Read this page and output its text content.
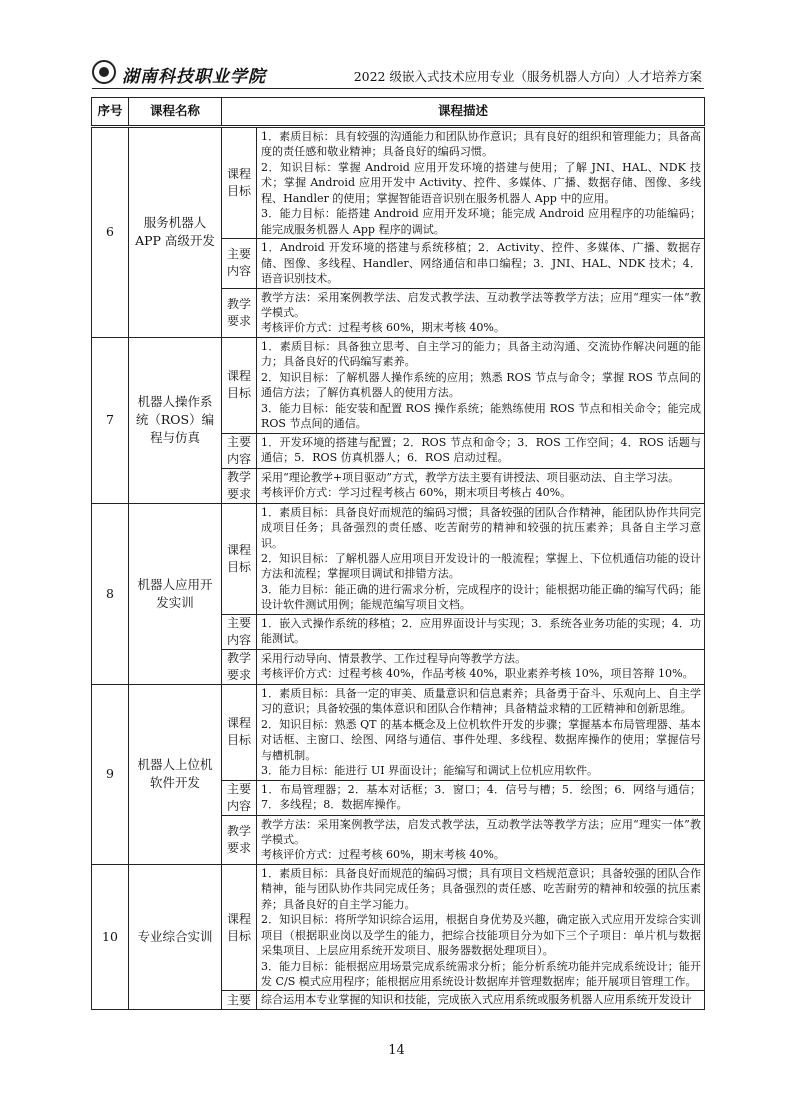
湖南科技职业学院	2022 级嵌入式技术应用专业（服务机器人方向）人才培养方案
序号	课程名称	课程描述	
6	服务机器人 APP 高级开发	课程目标	1．素质目标：具有较强的沟通能力和团队协作意识；具有良好的组织和管理能力；具备高度的责任感和敬业精神；具备良好的编码习惯。
2．知识目标：掌握 Android 应用开发环境的搭建与使用；了解 JNI、HAL、NDK 技术；掌握 Android 应用开发中 Activity、控件、多媒体、广播、数据存储、图像、多线程、Handler 的使用；掌握智能语音识别在服务机器人 App 中的应用。
3．能力目标：能搭建 Android 应用开发环境；能完成 Android 应用程序的功能编码；能完成服务机器人 App 程序的调试。
		主要内容	1．Android 开发环境的搭建与系统移植；2．Activity、控件、多媒体、广播、数据存储、图像、多线程、Handler、网络通信和串口编程；3．JNI、HAL、NDK 技术；4．语音识别技术。
		教学要求	教学方法：采用案例教学法、启发式教学法、互动教学法等教学方法；应用“理实一体”教学模式。
考核评价方式：过程考核 60%，期末考核 40%。
7	机器人操作系统（ROS）编程与仿真	课程目标	1．素质目标：具备独立思考、自主学习的能力；具备主动沟通、交流协作解决问题的能力；具备良好的代码编写素养。
2．知识目标：了解机器人操作系统的应用；熟悉 ROS 节点与命令；掌握 ROS 节点间的通信方法；了解仿真机器人的使用方法。
3．能力目标：能安装和配置 ROS 操作系统；能熟练使用 ROS 节点和相关命令；能完成 ROS 节点间的通信。
		主要内容	1．开发环境的搭建与配置；2．ROS 节点和命令；3．ROS 工作空间；4．ROS 话题与通信；5．ROS 仿真机器人；6．ROS 启动过程。
		教学要求	采用“理论教学+项目驱动”方式，教学方法主要有讲授法、项目驱动法、自主学习法。
考核评价方式：学习过程考核占 60%，期末项目考核占 40%。
8	机器人应用开发实训	课程目标	1．素质目标：具备良好而规范的编码习惯；具备较强的团队合作精神，能团队协作共同完成项目任务；具备强烈的责任感、吃苦耐劳的精神和较强的抗压素养；具备自主学习意识。
2．知识目标：了解机器人应用项目开发设计的一般流程；掌握上、下位机通信功能的设计方法和流程；掌握项目调试和排错方法。
3．能力目标：能正确的进行需求分析，完成程序的设计；能根据功能正确的编写代码；能设计软件测试用例；能规范编写项目文档。
		主要内容	1．嵌入式操作系统的移植；2．应用界面设计与实现；3．系统各业务功能的实现；4．功能测试。
		教学要求	采用行动导向、情景教学、工作过程导向等教学方法。
考核评价方式：过程考核 40%，作品考核 40%，职业素养考核 10%，项目答辩 10%。
9	机器人上位机软件开发	课程目标	1．素质目标：具备一定的审美、质量意识和信息素养；具备勇于奋斗、乐观向上、自主学习的意识；具备较强的集体意识和团队合作精神；具备精益求精的工匠精神和创新思维。
2．知识目标：熟悉 QT 的基本概念及上位机软件开发的步骤；掌握基本布局管理器、基本对话框、主窗口、绘图、网络与通信、事件处理、多线程、数据库操作的使用；掌握信号与槽机制。
3．能力目标：能进行 UI 界面设计；能编写和调试上位机应用软件。
		主要内容	1．布局管理器；2．基本对话框；3．窗口；4．信号与槽；5．绘图；6．网络与通信；7．多线程；8．数据库操作。
		教学要求	教学方法：采用案例教学法，启发式教学法，互动教学法等教学方法；应用“理实一体”教学模式。
考核评价方式：过程考核 60%，期末考核 40%。
10	专业综合实训	课程目标	1．素质目标：具备良好而规范的编码习惯；具有项目文档规范意识；具备较强的团队合作精神，能与团队协作共同完成任务；具备强烈的责任感、吃苦耐劳的精神和较强的抗压素养；具备良好的自主学习能力。
2．知识目标：将所学知识综合运用，根据自身优势及兴趣，确定嵌入式应用开发综合实训项目（根据职业岗以及学生的能力，把综合技能项目分为如下三个子项目：单片机与数据采集项目、上层应用系统开发项目、服务器数据处理项目）。
3．能力目标：能根据应用场景完成系统需求分析；能分析系统功能并完成系统设计；能开发 C/S 模式应用程序；能根据应用系统设计数据库并管理数据库；能开展项目管理工作。
		主要	综合运用本专业掌握的知识和技能，完成嵌入式应用系统或服务机器人应用系统开发设计
14
